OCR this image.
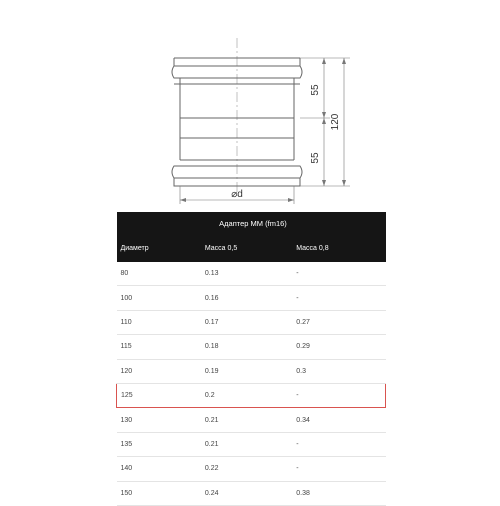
55
55
120
⌀d
Адаптер ММ (fm16)		
Диаметр	Масса 0,5	Масса 0,8
80	0.13	-
100	0.16	-
110	0.17	0.27
115	0.18	0.29
120	0.19	0.3
125	0.2	-
130	0.21	0.34
135	0.21	-
140	0.22	-
150	0.24	0.38
